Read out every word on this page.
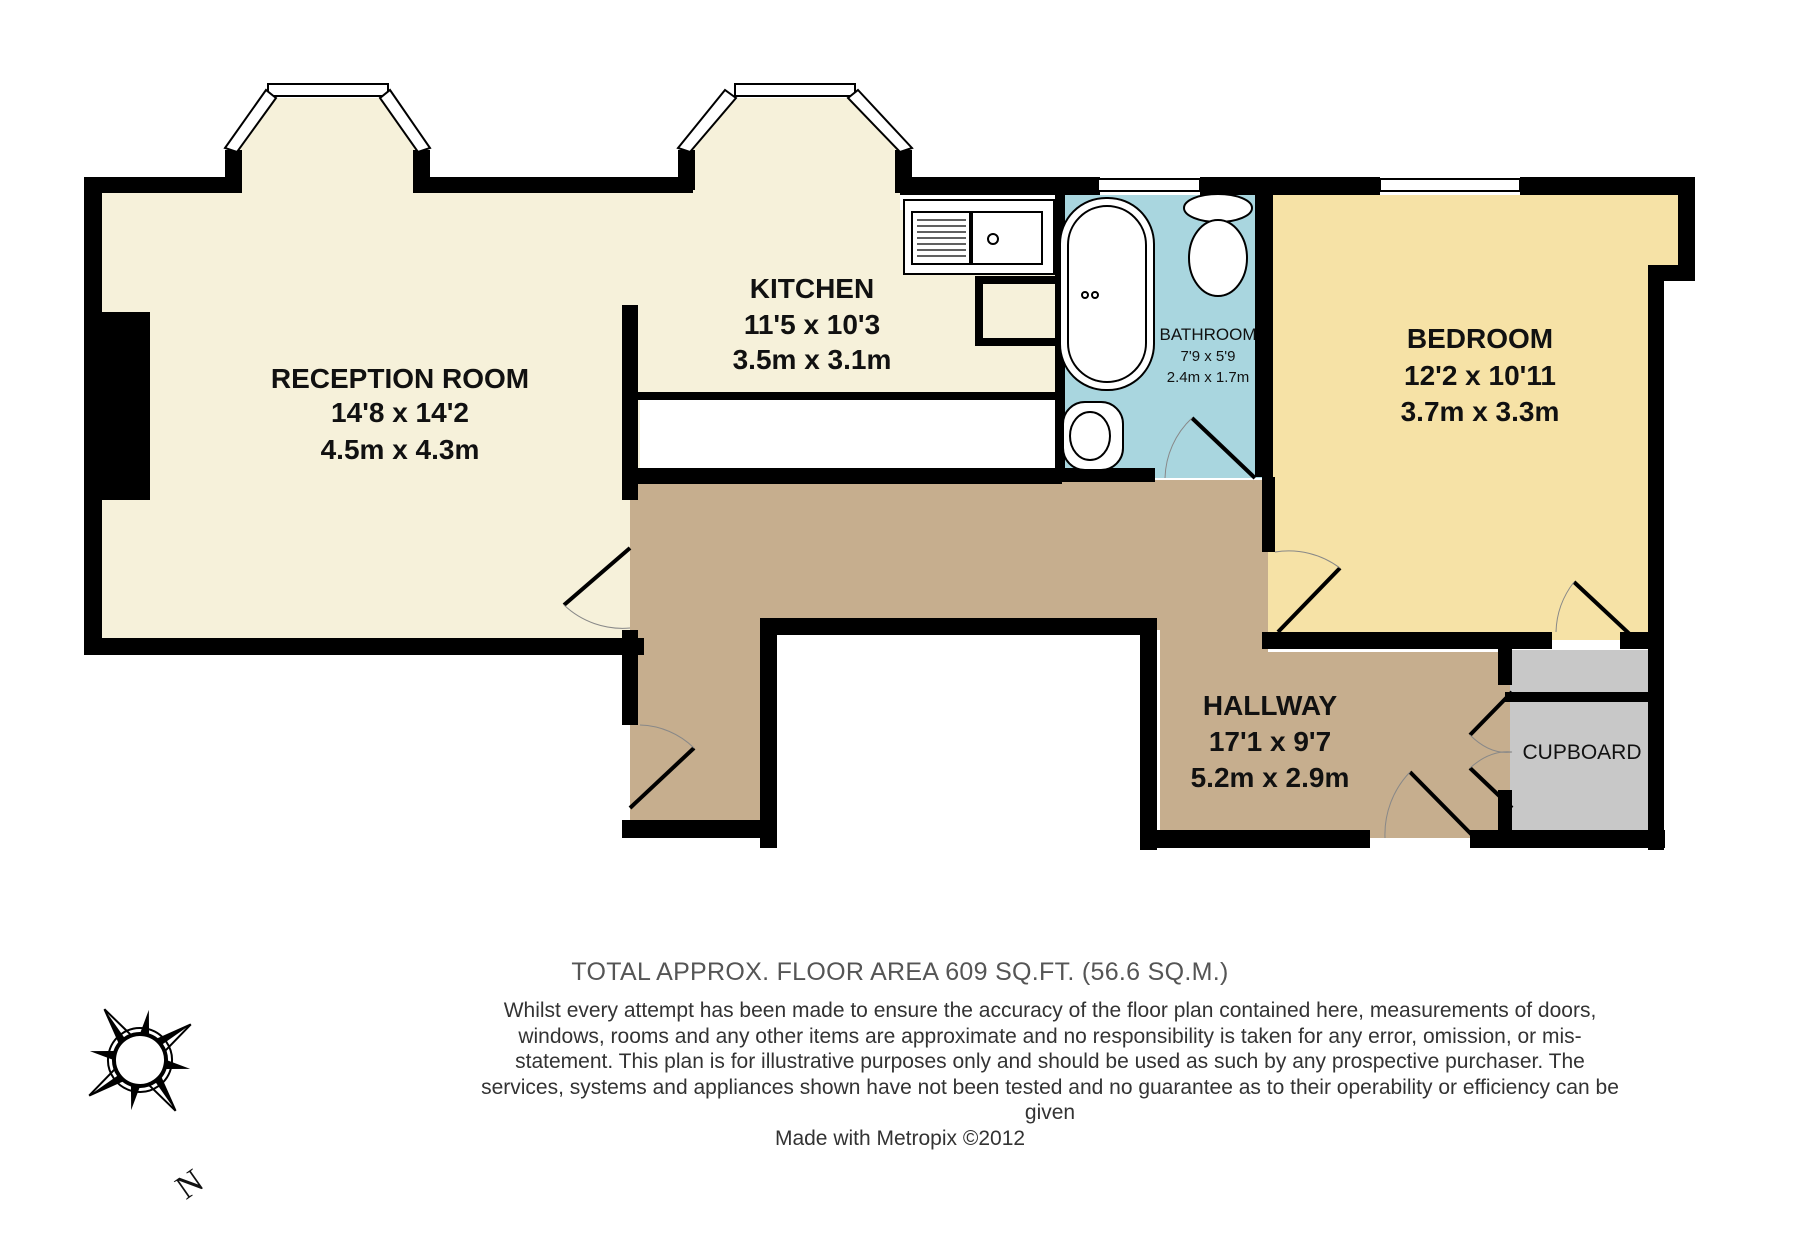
RECEPTION ROOM
14'8 x 14'2
4.5m x 4.3m
KITCHEN
11'5 x 10'3
3.5m x 3.1m
BATHROOM
7'9 x 5'9
2.4m x 1.7m
BEDROOM
12'2 x 10'11
3.7m x 3.3m
HALLWAY
17'1 x 9'7
5.2m x 2.9m
CUPBOARD
N
TOTAL APPROX. FLOOR AREA 609 SQ.FT. (56.6 SQ.M.)
Whilst every attempt has been made to ensure the accuracy of the floor plan contained here, measurements of doors, windows, rooms and any other items are approximate and no responsibility is taken for any error, omission, or mis-statement. This plan is for illustrative purposes only and should be used as such by any prospective purchaser. The services, systems and appliances shown have not been tested and no guarantee as to their operability or efficiency can be given
Made with Metropix ©2012
